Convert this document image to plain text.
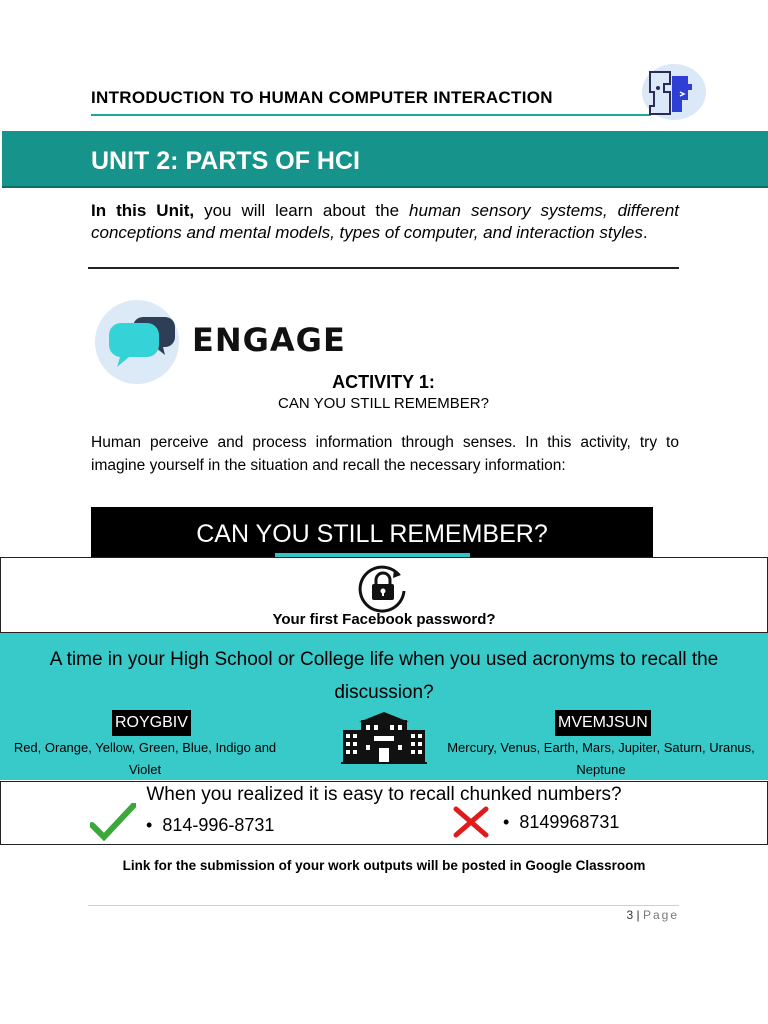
INTRODUCTION TO HUMAN COMPUTER INTERACTION
UNIT 2: PARTS OF HCI
In this Unit, you will learn about the human sensory systems, different conceptions and mental models, types of computer, and interaction styles.
ENGAGE
ACTIVITY 1:
CAN YOU STILL REMEMBER?
Human perceive and process information through senses. In this activity, try to imagine yourself in the situation and recall the necessary information:
CAN YOU STILL REMEMBER?
Your first Facebook password?
A time in your High School or College life when you used acronyms to recall the discussion?
ROYGBIV
Red, Orange, Yellow, Green, Blue, Indigo and Violet
MVEMJSUN
Mercury, Venus, Earth, Mars, Jupiter, Saturn, Uranus, Neptune
When you realized it is easy to recall chunked numbers?
• 814-996-8731	• 8149968731
Link for the submission of your work outputs will be posted in Google Classroom
3 | Page
